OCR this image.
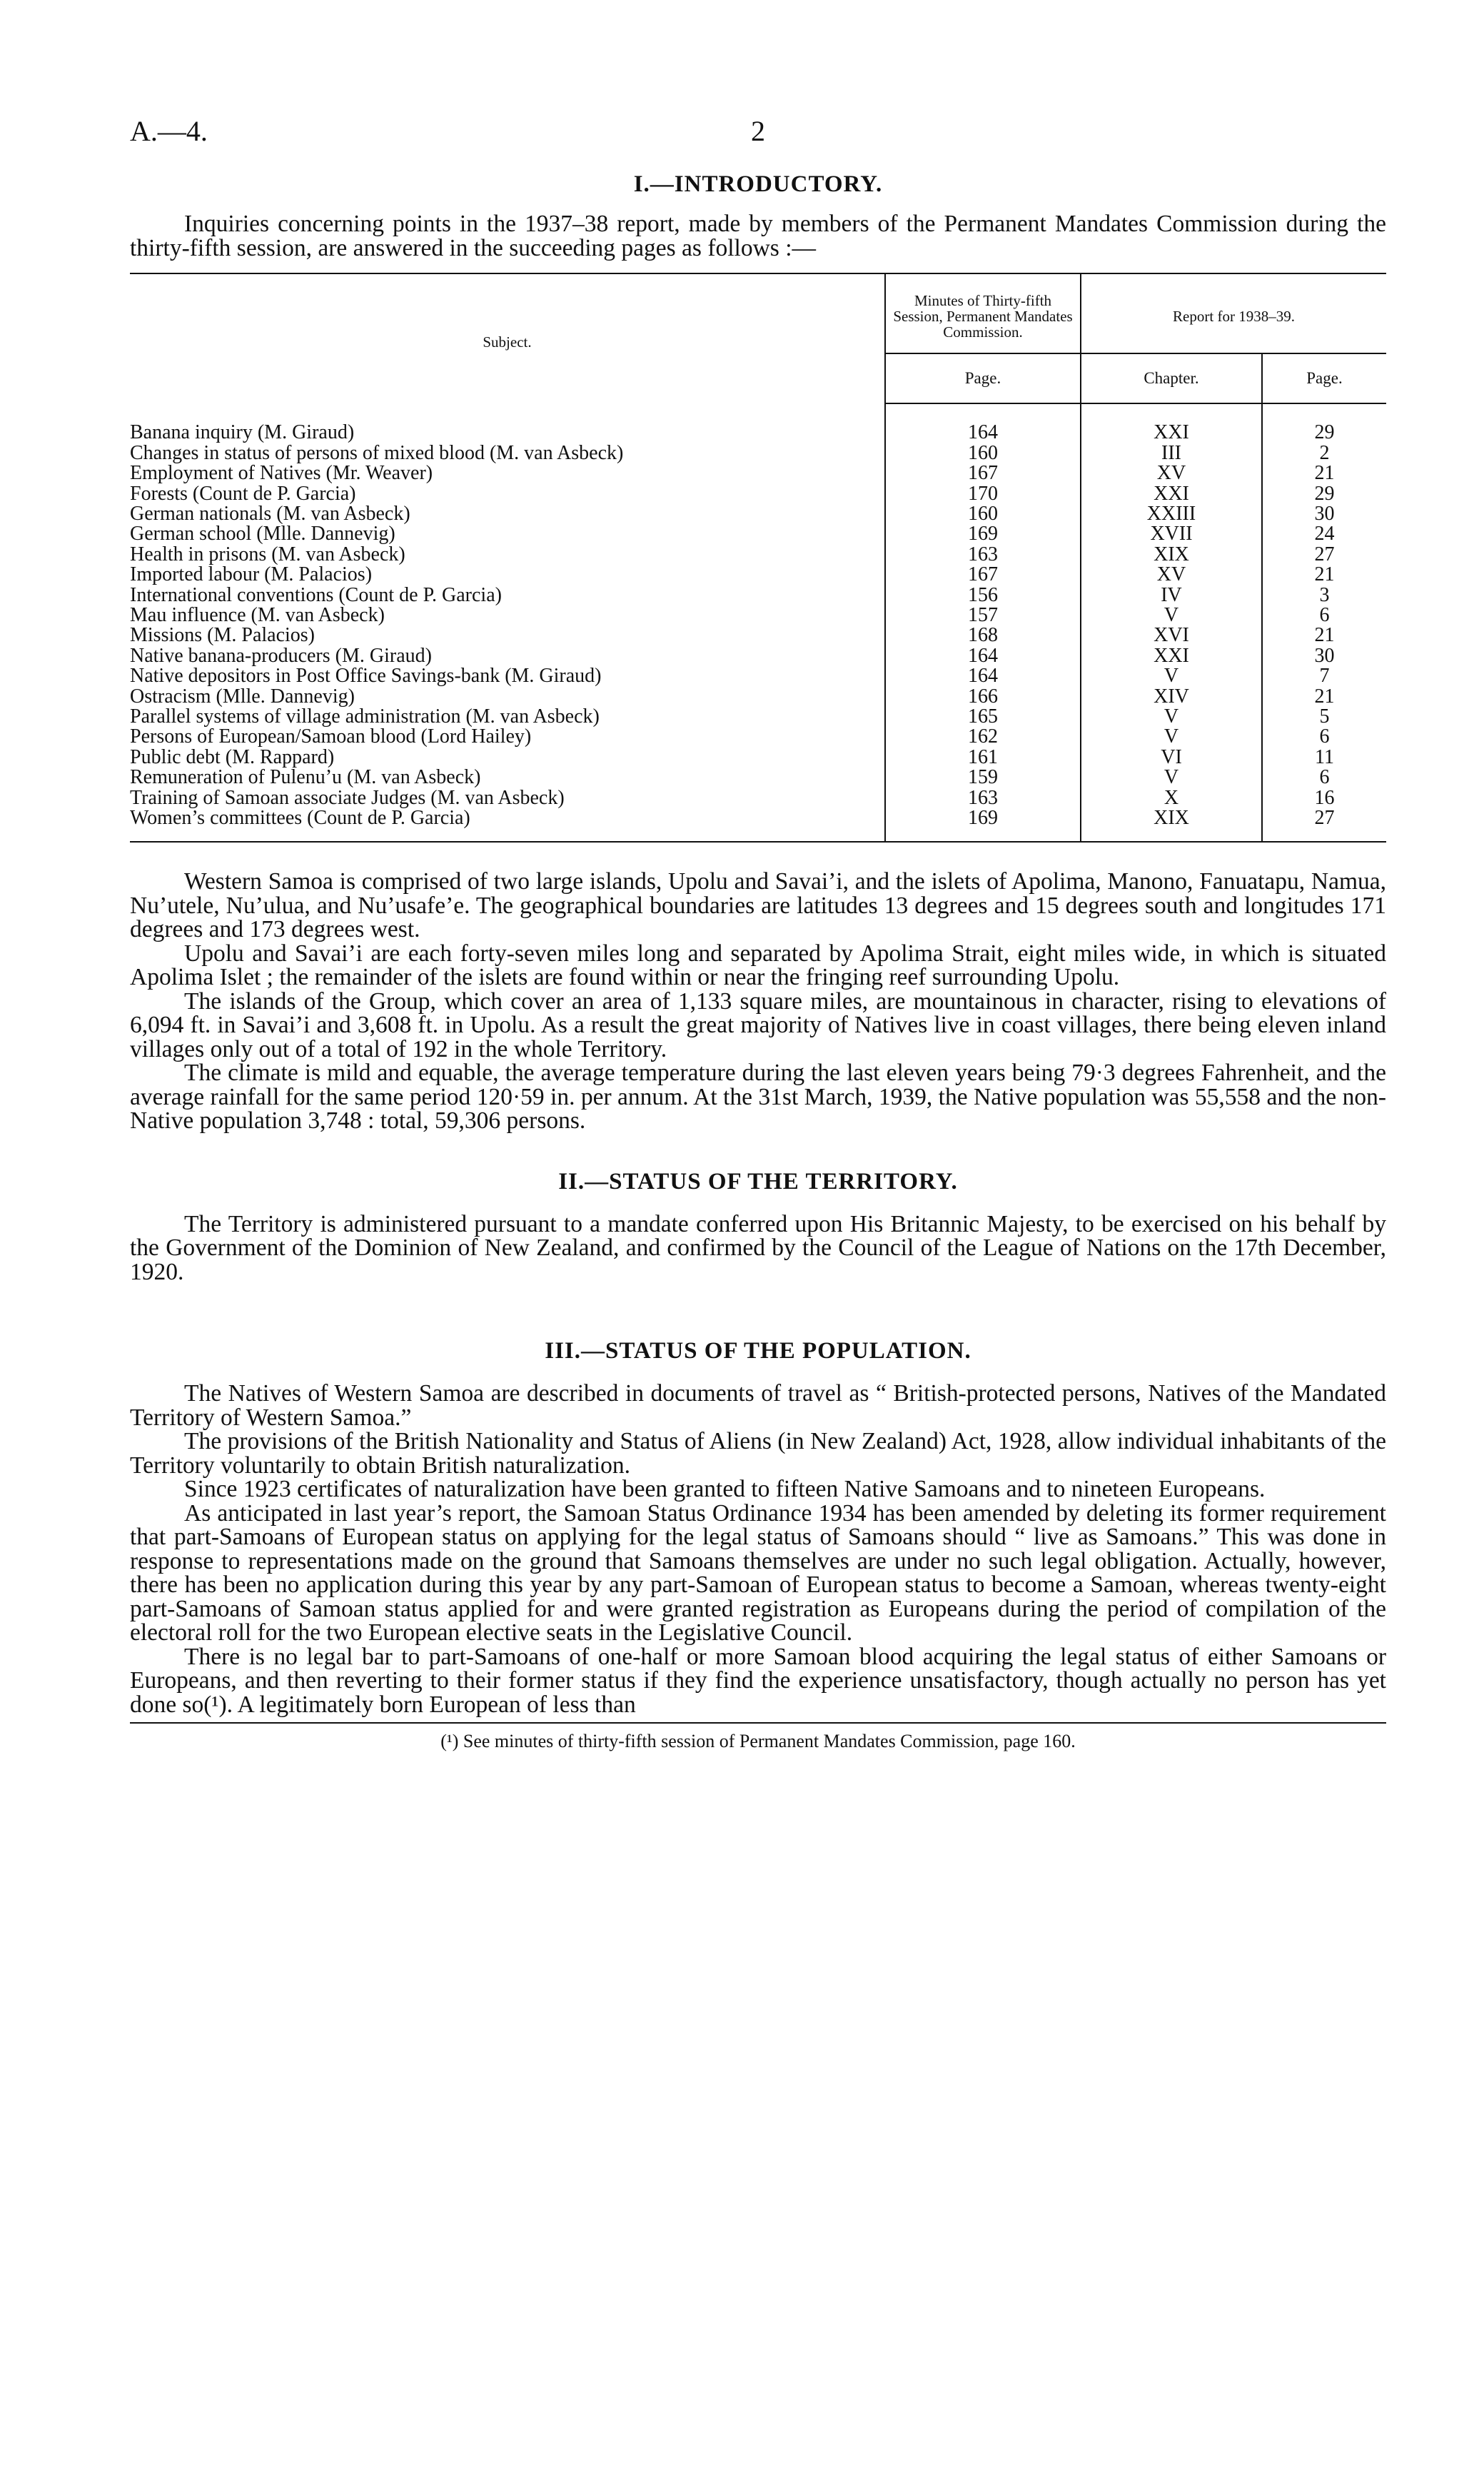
A.—4.	2
I.—INTRODUCTORY.

Inquiries concerning points in the 1937–38 report, made by members of the Permanent Mandates Commission during the thirty-fifth session, are answered in the succeeding pages as follows :—

Subject.	Minutes of Thirty-fifth Session, Permanent Mandates Commission.	Report for 1938–39.	
	Page.	Chapter.	Page.
Banana inquiry (M. Giraud)	164	XXI	29
Changes in status of persons of mixed blood (M. van Asbeck)	160	III	2
Employment of Natives (Mr. Weaver)	167	XV	21
Forests (Count de P. Garcia)	170	XXI	29
German nationals (M. van Asbeck)	160	XXIII	30
German school (Mlle. Dannevig)	169	XVII	24
Health in prisons (M. van Asbeck)	163	XIX	27
Imported labour (M. Palacios)	167	XV	21
International conventions (Count de P. Garcia)	156	IV	3
Mau influence (M. van Asbeck)	157	V	6
Missions (M. Palacios)	168	XVI	21
Native banana-producers (M. Giraud)	164	XXI	30
Native depositors in Post Office Savings-bank (M. Giraud)	164	V	7
Ostracism (Mlle. Dannevig)	166	XIV	21
Parallel systems of village administration (M. van Asbeck)	165	V	5
Persons of European/Samoan blood (Lord Hailey)	162	V	6
Public debt (M. Rappard)	161	VI	11
Remuneration of Pulenu’u (M. van Asbeck)	159	V	6
Training of Samoan associate Judges (M. van Asbeck)	163	X	16
Women’s committees (Count de P. Garcia)	169	XIX	27

Western Samoa is comprised of two large islands, Upolu and Savai’i, and the islets of Apolima, Manono, Fanuatapu, Namua, Nu’utele, Nu’ulua, and Nu’usafe’e. The geographical boundaries are latitudes 13 degrees and 15 degrees south and longitudes 171 degrees and 173 degrees west.

Upolu and Savai’i are each forty-seven miles long and separated by Apolima Strait, eight miles wide, in which is situated Apolima Islet ; the remainder of the islets are found within or near the fringing reef surrounding Upolu.

The islands of the Group, which cover an area of 1,133 square miles, are mountainous in character, rising to elevations of 6,094 ft. in Savai’i and 3,608 ft. in Upolu. As a result the great majority of Natives live in coast villages, there being eleven inland villages only out of a total of 192 in the whole Territory.

The climate is mild and equable, the average temperature during the last eleven years being 79·3 degrees Fahrenheit, and the average rainfall for the same period 120·59 in. per annum. At the 31st March, 1939, the Native population was 55,558 and the non-Native population 3,748 : total, 59,306 persons.

II.—STATUS OF THE TERRITORY.

The Territory is administered pursuant to a mandate conferred upon His Britannic Majesty, to be exercised on his behalf by the Government of the Dominion of New Zealand, and confirmed by the Council of the League of Nations on the 17th December, 1920.

III.—STATUS OF THE POPULATION.

The Natives of Western Samoa are described in documents of travel as “ British-protected persons, Natives of the Mandated Territory of Western Samoa.”

The provisions of the British Nationality and Status of Aliens (in New Zealand) Act, 1928, allow individual inhabitants of the Territory voluntarily to obtain British naturalization.

Since 1923 certificates of naturalization have been granted to fifteen Native Samoans and to nineteen Europeans.

As anticipated in last year’s report, the Samoan Status Ordinance 1934 has been amended by deleting its former requirement that part-Samoans of European status on applying for the legal status of Samoans should “ live as Samoans.” This was done in response to representations made on the ground that Samoans themselves are under no such legal obligation. Actually, however, there has been no application during this year by any part-Samoan of European status to become a Samoan, whereas twenty-eight part-Samoans of Samoan status applied for and were granted registration as Europeans during the period of compilation of the electoral roll for the two European elective seats in the Legislative Council.

There is no legal bar to part-Samoans of one-half or more Samoan blood acquiring the legal status of either Samoans or Europeans, and then reverting to their former status if they find the experience unsatisfactory, though actually no person has yet done so(¹). A legitimately born European of less than

(¹) See minutes of thirty-fifth session of Permanent Mandates Commission, page 160.
